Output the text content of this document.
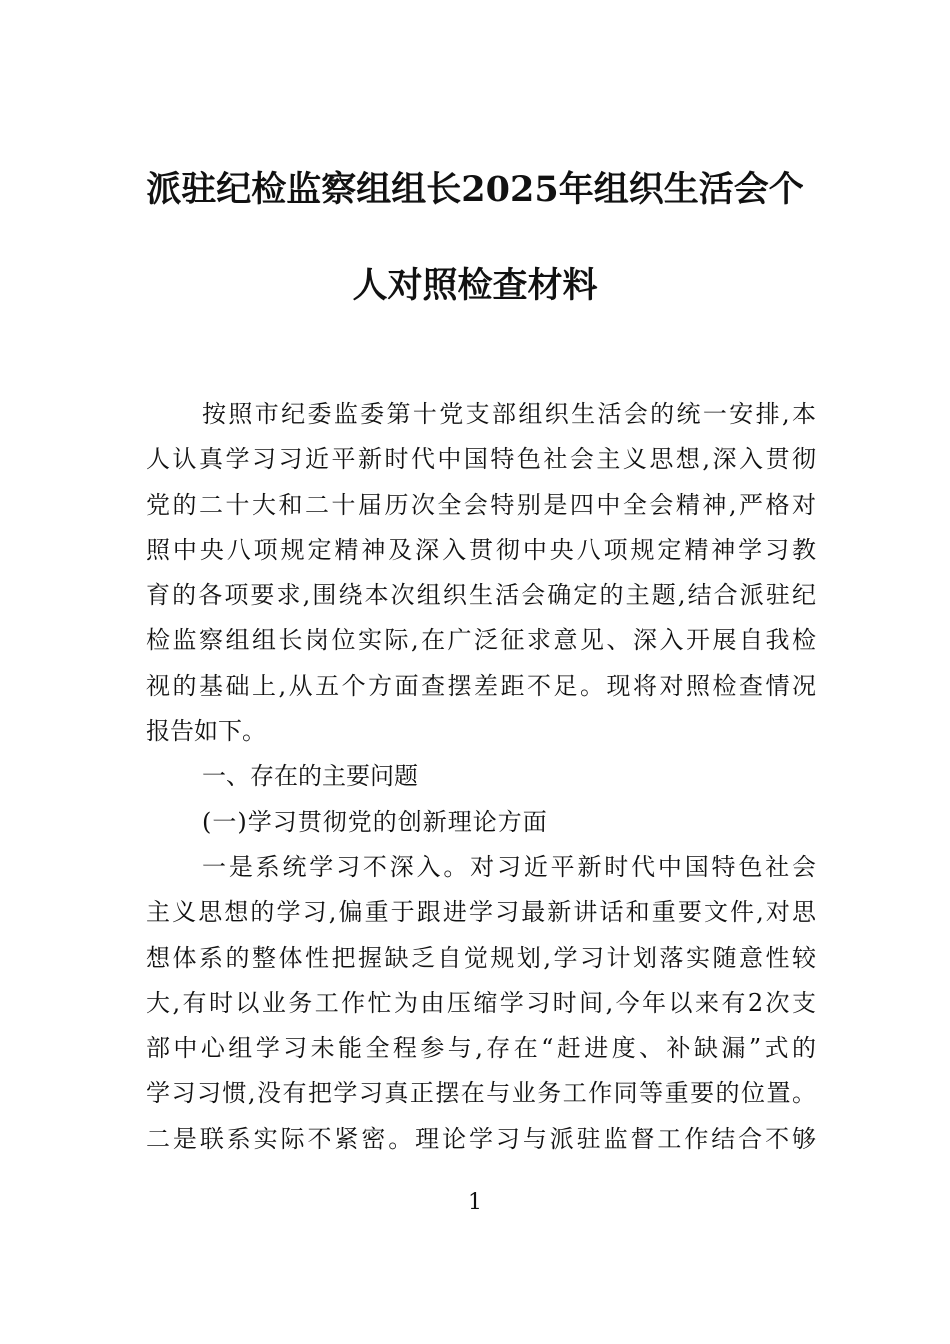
派驻纪检监察组组长2025年组织生活会个
人对照检查材料
按照市纪委监委第十党支部组织生活会的统一安排,本
人认真学习习近平新时代中国特色社会主义思想,深入贯彻
党的二十大和二十届历次全会特别是四中全会精神,严格对
照中央八项规定精神及深入贯彻中央八项规定精神学习教
育的各项要求,围绕本次组织生活会确定的主题,结合派驻纪
检监察组组长岗位实际,在广泛征求意见、深入开展自我检
视的基础上,从五个方面查摆差距不足。现将对照检查情况
报告如下。
一、存在的主要问题
(一)学习贯彻党的创新理论方面
一是系统学习不深入。对习近平新时代中国特色社会
主义思想的学习,偏重于跟进学习最新讲话和重要文件,对思
想体系的整体性把握缺乏自觉规划,学习计划落实随意性较
大,有时以业务工作忙为由压缩学习时间,今年以来有2次支
部中心组学习未能全程参与,存在“赶进度、补缺漏”式的
学习习惯,没有把学习真正摆在与业务工作同等重要的位置。
二是联系实际不紧密。理论学习与派驻监督工作结合不够
1
